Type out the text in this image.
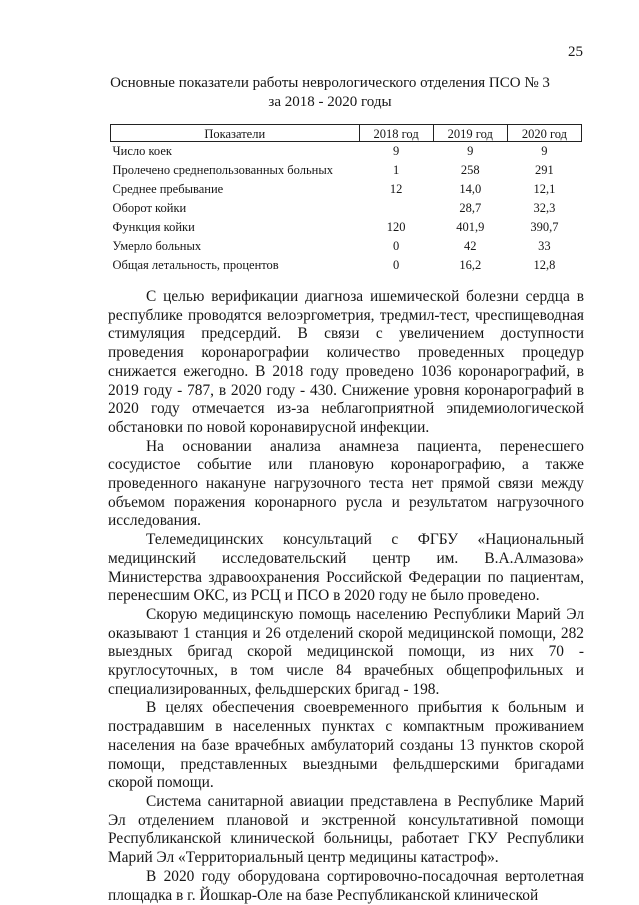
25
Основные показатели работы неврологического отделения ПСО № 3
за 2018 - 2020 годы
Показатели	2018 год	2019 год	2020 год
Число коек	9	9	9
Пролечено среднепользованных больных	1	258	291
Среднее пребывание	12	14,0	12,1
Оборот койки		28,7	32,3
Функция койки	120	401,9	390,7
Умерло больных	0	42	33
Общая летальность, процентов	0	16,2	12,8

С целью верификации диагноза ишемической болезни сердца в республике проводятся велоэргометрия, тредмил-тест, чреспищеводная стимуляция предсердий. В связи с увеличением доступности проведения коронарографии количество проведенных процедур снижается ежегодно. В 2018 году проведено 1036 коронарографий, в 2019 году - 787, в 2020 году - 430. Снижение уровня коронарографий в 2020 году отмечается из-за неблагоприятной эпидемиологической обстановки по новой коронавирусной инфекции.

На основании анализа анамнеза пациента, перенесшего сосудистое событие или плановую коронарографию, а также проведенного накануне нагрузочного теста нет прямой связи между объемом поражения коронарного русла и результатом нагрузочного исследования.

Телемедицинских консультаций с ФГБУ «Национальный медицинский исследовательский центр им. В.А.Алмазова» Министерства здравоохранения Российской Федерации по пациентам, перенесшим ОКС, из РСЦ и ПСО в 2020 году не было проведено.

Скорую медицинскую помощь населению Республики Марий Эл оказывают 1 станция и 26 отделений скорой медицинской помощи, 282 выездных бригад скорой медицинской помощи, из них 70 - круглосуточных, в том числе 84 врачебных общепрофильных и специализированных, фельдшерских бригад - 198.

В целях обеспечения своевременного прибытия к больным и пострадавшим в населенных пунктах с компактным проживанием населения на базе врачебных амбулаторий созданы 13 пунктов скорой помощи, представленных выездными фельдшерскими бригадами скорой помощи.

Система санитарной авиации представлена в Республике Марий Эл отделением плановой и экстренной консультативной помощи Республиканской клинической больницы, работает ГКУ Республики Марий Эл «Территориальный центр медицины катастроф».

В 2020 году оборудована сортировочно-посадочная вертолетная площадка в г. Йошкар-Оле на базе Республиканской клинической
